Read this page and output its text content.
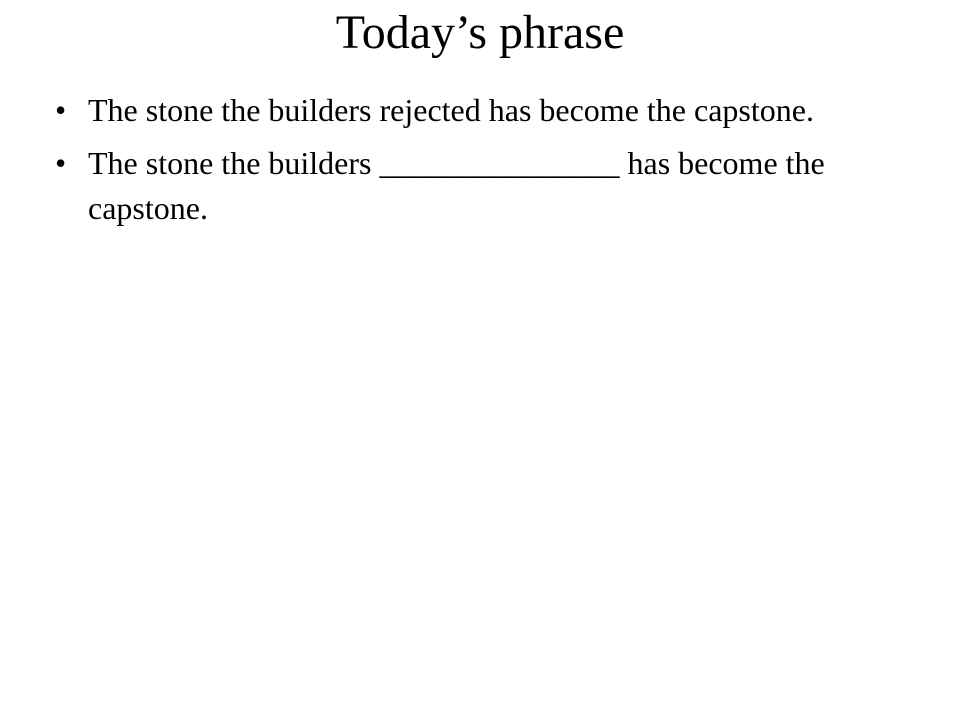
Today’s phrase
• The stone the builders rejected has become the capstone.
• The stone the builders _______________ has become the capstone.
